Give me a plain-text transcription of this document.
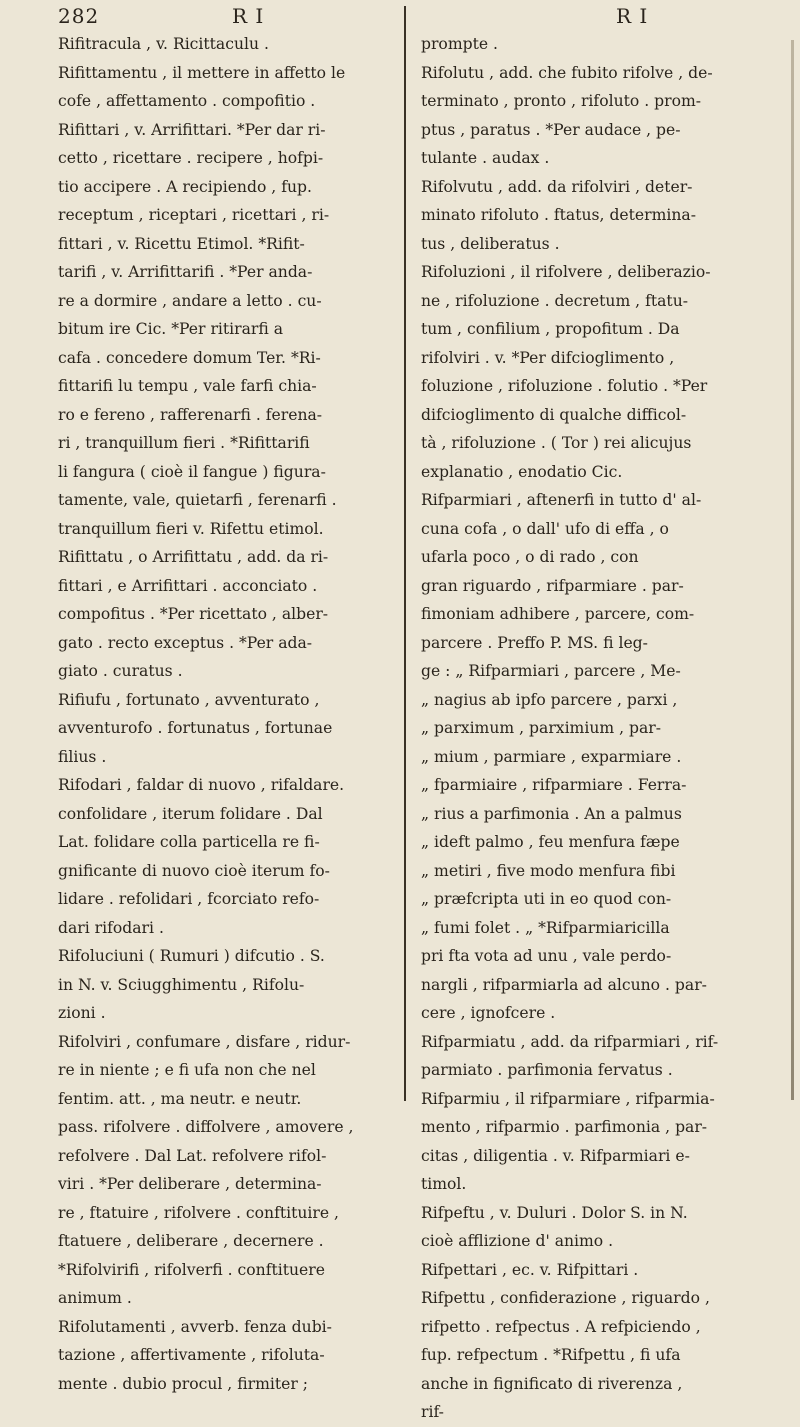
282	R I	R I
Rifitracula , v. Ricittaculu .
Rifittamentu , il mettere in affetto le
cofe , affettamento . compofitio .
Rifittari , v. Arrifittari. *Per dar ri-
cetto , ricettare . recipere , hofpi-
tio accipere . A recipiendo , fup.
receptum , riceptari , ricettari , ri-
fittari , v. Ricettu Etimol. *Rifit-
tarifi , v. Arrifittarifi . *Per anda-
re a dormire , andare a letto . cu-
bitum ire Cic. *Per ritirarfi a
cafa . concedere domum Ter. *Ri-
fittarifi lu tempu , vale farfi chia-
ro e fereno , rafferenarfi . ferena-
ri , tranquillum fieri . *Rifittarifi
li fangura ( cioè il fangue ) figura-
tamente, vale, quietarfi , ferenarfi .
tranquillum fieri v. Rifettu etimol.
Rifittatu , o Arrifittatu , add. da ri-
fittari , e Arrifittari . acconciato .
compofitus . *Per ricettato , alber-
gato . recto exceptus . *Per ada-
giato . curatus .
Rifiufu , fortunato , avventurato ,
avventurofo . fortunatus , fortunae
filius .
Rifodari , faldar di nuovo , rifaldare.
confolidare , iterum folidare . Dal
Lat. folidare colla particella re fi-
gnificante di nuovo cioè iterum fo-
lidare . refolidari , fcorciato refo-
dari rifodari .
Rifoluciuni ( Rumuri ) difcutio . S.
in N. v. Sciugghimentu , Rifolu-
zioni .
Rifolviri , confumare , disfare , ridur-
re in niente ; e fi ufa non che nel
fentim. att. , ma neutr. e neutr.
pass. rifolvere . diffolvere , amovere ,
refolvere . Dal Lat. refolvere rifol-
viri . *Per deliberare , determina-
re , ftatuire , rifolvere . conftituire ,
ftatuere , deliberare , decernere .
*Rifolvirifi , rifolverfi . conftituere
animum .
Rifolutamenti , avverb. fenza dubi-
tazione , affertivamente , rifoluta-
mente . dubio procul , firmiter ;
prompte .
Rifolutu , add. che fubito rifolve , de-
terminato , pronto , rifoluto . prom-
ptus , paratus . *Per audace , pe-
tulante . audax .
Rifolvutu , add. da rifolviri , deter-
minato rifoluto . ftatus, determina-
tus , deliberatus .
Rifoluzioni , il rifolvere , deliberazio-
ne , rifoluzione . decretum , ftatu-
tum , confilium , propofitum . Da
rifolviri . v. *Per difcioglimento ,
foluzione , rifoluzione . folutio . *Per
difcioglimento di qualche difficol-
tà , rifoluzione . ( Tor ) rei alicujus
explanatio , enodatio Cic.
Rifparmiari , aftenerfi in tutto d' al-
cuna cofa , o dall' ufo di effa , o
ufarla poco , o di rado , con
gran riguardo , rifparmiare . par-
fimoniam adhibere , parcere, com-
parcere . Preffo P. MS. fi leg-
ge : „ Rifparmiari , parcere , Me-
„ nagius ab ipfo parcere , parxi ,
„ parximum , parximium , par-
„ mium , parmiare , exparmiare .
„ fparmiaire , rifparmiare . Ferra-
„ rius a parfimonia . An a palmus
„ ideft palmo , feu menfura fæpe
„ metiri , five modo menfura fibi
„ præfcripta uti in eo quod con-
„ fumi folet . „ *Rifparmiaricilla
pri fta vota ad unu , vale perdo-
nargli , rifparmiarla ad alcuno . par-
cere , ignofcere .
Rifparmiatu , add. da rifparmiari , rif-
parmiato . parfimonia fervatus .
Rifparmiu , il rifparmiare , rifparmia-
mento , rifparmio . parfimonia , par-
citas , diligentia . v. Rifparmiari e-
timol.
Rifpeftu , v. Duluri . Dolor S. in N.
cioè afflizione d' animo .
Rifpettari , ec. v. Rifpittari .
Rifpettu , confiderazione , riguardo ,
rifpetto . refpectus . A refpiciendo ,
fup. refpectum . *Rifpettu , fi ufa
anche in fignificato di riverenza ,
rif-
